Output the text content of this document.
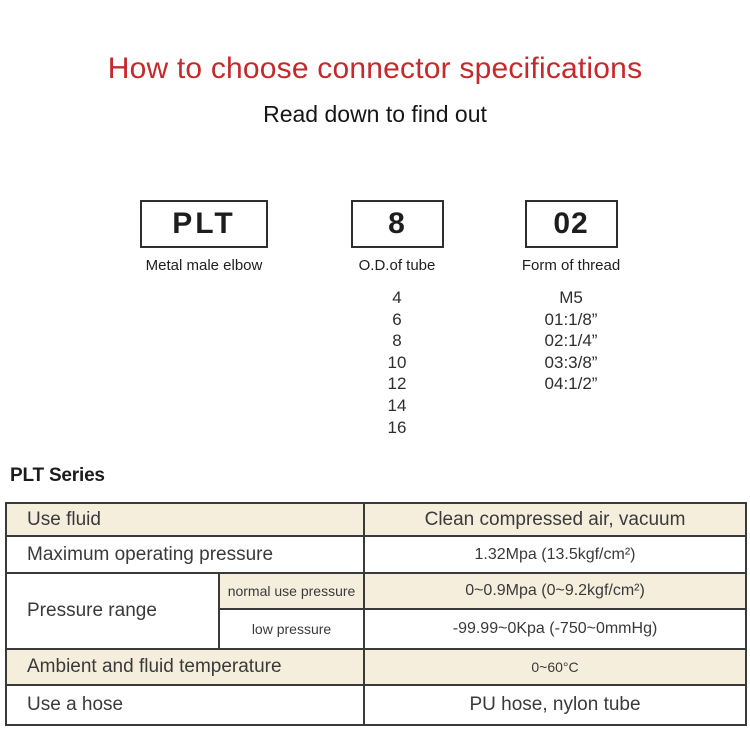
How to choose connector specifications
Read down to find out
PLT
Metal male elbow
8
O.D.of tube
4
6
8
10
12
14
16
02
Form of thread
M5
01:1/8”
02:1/4”
03:3/8”
04:1/2”
PLT Series
Use fluid		Clean compressed air, vacuum
Maximum operating pressure		1.32Mpa (13.5kgf/cm²)
Pressure range	normal use pressure	0~0.9Mpa (0~9.2kgf/cm²)
	low pressure	-99.99~0Kpa (-750~0mmHg)
Ambient and fluid temperature		0~60°C
Use a hose		PU hose, nylon tube
